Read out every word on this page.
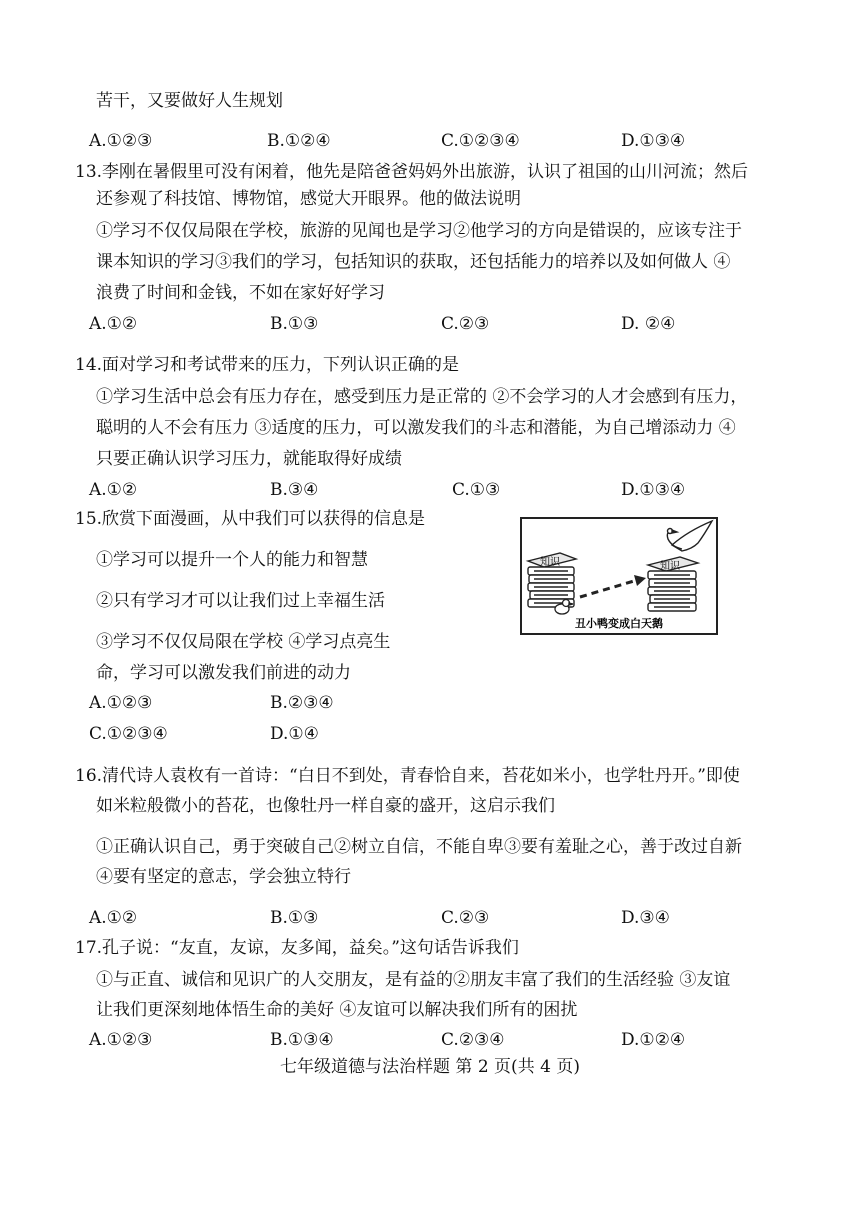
苦干，又要做好人生规划
A.①②③	B.①②④	C.①②③④	D.①③④
13.李刚在暑假里可没有闲着，他先是陪爸爸妈妈外出旅游，认识了祖国的山川河流；然后
还参观了科技馆、博物馆，感觉大开眼界。他的做法说明
①学习不仅仅局限在学校，旅游的见闻也是学习②他学习的方向是错误的，应该专注于
课本知识的学习③我们的学习，包括知识的获取，还包括能力的培养以及如何做人 ④
浪费了时间和金钱，不如在家好好学习
A.①②	B.①③	C.②③	D. ②④
14.面对学习和考试带来的压力，下列认识正确的是
①学习生活中总会有压力存在，感受到压力是正常的 ②不会学习的人才会感到有压力，
聪明的人不会有压力 ③适度的压力，可以激发我们的斗志和潜能，为自己增添动力 ④
只要正确认识学习压力，就能取得好成绩
A.①②	B.③④	C.①③	D.①③④
15.欣赏下面漫画，从中我们可以获得的信息是
①学习可以提升一个人的能力和智慧
②只有学习才可以让我们过上幸福生活
③学习不仅仅局限在学校 ④学习点亮生
命，学习可以激发我们前进的动力
A.①②③	B.②③④
C.①②③④	D.①④
知识	知识
丑小鸭变成白天鹅
16.清代诗人袁枚有一首诗：“白日不到处，青春恰自来，苔花如米小，也学牡丹开。”即使
如米粒般微小的苔花，也像牡丹一样自豪的盛开，这启示我们
①正确认识自己，勇于突破自己②树立自信，不能自卑③要有羞耻之心，善于改过自新
④要有坚定的意志，学会独立特行
A.①②	B.①③	C.②③	D.③④
17.孔子说：“友直，友谅，友多闻，益矣。”这句话告诉我们
①与正直、诚信和见识广的人交朋友，是有益的②朋友丰富了我们的生活经验 ③友谊
让我们更深刻地体悟生命的美好 ④友谊可以解决我们所有的困扰
A.①②③	B.①③④	C.②③④	D.①②④
七年级道德与法治样题 第 2 页(共 4 页)
